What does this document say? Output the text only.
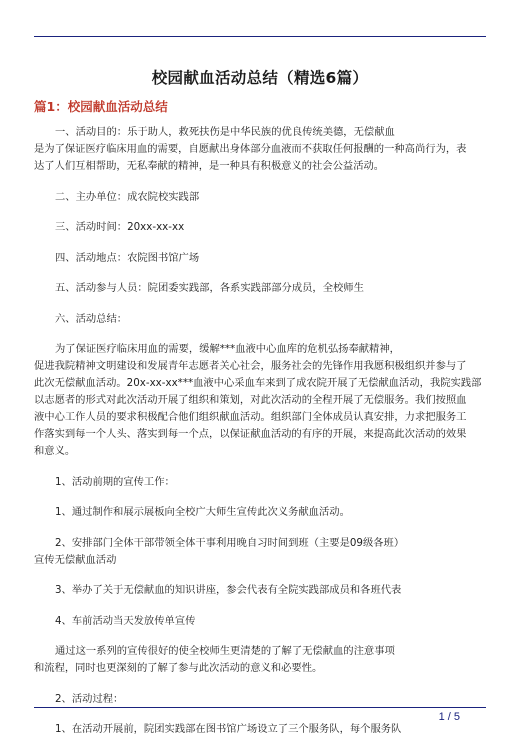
校园献血活动总结（精选6篇）
篇1：校园献血活动总结
一、活动目的：乐于助人，救死扶伤是中华民族的优良传统美德，无偿献血
是为了保证医疗临床用血的需要，自愿献出身体部分血液而不获取任何报酬的一种高尚行为，表
达了人们互相帮助，无私奉献的精神，是一种具有积极意义的社会公益活动。
二、主办单位：成农院校实践部
三、活动时间：20xx-xx-xx
四、活动地点：农院图书馆广场
五、活动参与人员：院团委实践部，各系实践部部分成员，全校师生
六、活动总结：
为了保证医疗临床用血的需要，缓解***血液中心血库的危机弘扬奉献精神，
促进我院精神文明建设和发展青年志愿者关心社会，服务社会的先锋作用我愿积极组织并参与了
此次无偿献血活动。20x-xx-xx***血液中心采血车来到了成农院开展了无偿献血活动，我院实践部
以志愿者的形式对此次活动开展了组织和策划，对此次活动的全程开展了无偿服务。我们按照血
液中心工作人员的要求积极配合他们组织献血活动。组织部门全体成员认真安排，力求把服务工
作落实到每一个人头、落实到每一个点，以保证献血活动的有序的开展，来提高此次活动的效果
和意义。
1、活动前期的宣传工作：
1、通过制作和展示展板向全校广大师生宣传此次义务献血活动。
2、安排部门全体干部带领全体干事利用晚自习时间到班（主要是09级各班）
宣传无偿献血活动
3、举办了关于无偿献血的知识讲座，参会代表有全院实践部成员和各班代表
4、车前活动当天发放传单宣传
通过这一系列的宣传很好的使全校师生更清楚的了解了无偿献血的注意事项
和流程，同时也更深刻的了解了参与此次活动的意义和必要性。
2、活动过程：
1、在活动开展前，院团实践部在图书馆广场设立了三个服务队，每个服务队
1 / 5
